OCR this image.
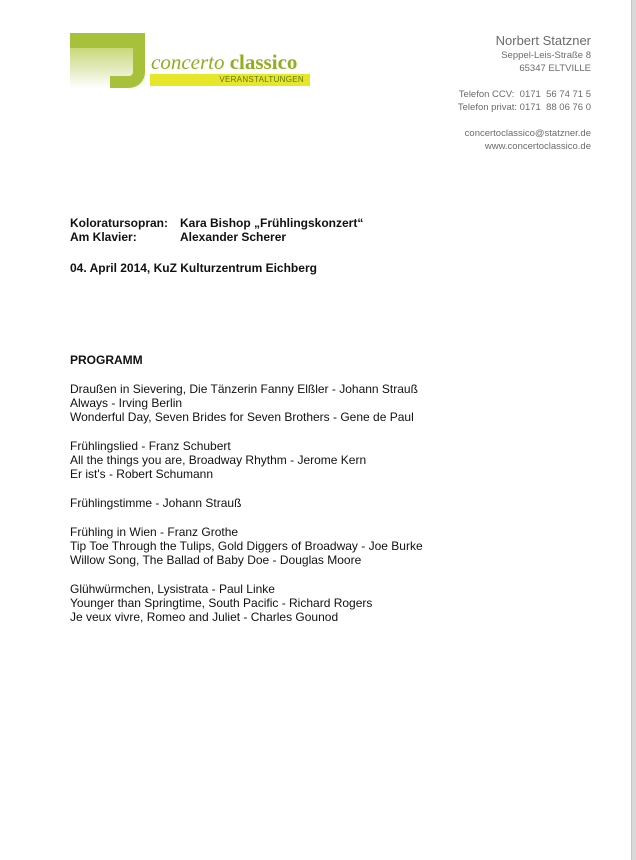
concerto classico
VERANSTALTUNGEN
Norbert Statzner
Seppel-Leis-Straße 8
65347 ELTVILLE
Telefon CCV:  0171  56 74 71 5
Telefon privat: 0171  88 06 76 0
concertoclassico@statzner.de
www.concertoclassico.de
Koloratursopran: Kara Bishop „Frühlingskonzert“
Am Klavier:	Alexander Scherer
04. April 2014, KuZ Kulturzentrum Eichberg
PROGRAMM
Draußen in Sievering, Die Tänzerin Fanny Elßler - Johann Strauß
Always - Irving Berlin
Wonderful Day, Seven Brides for Seven Brothers - Gene de Paul
Frühlingslied - Franz Schubert
All the things you are, Broadway Rhythm - Jerome Kern
Er ist's - Robert Schumann
Frühlingstimme - Johann Strauß
Frühling in Wien - Franz Grothe
Tip Toe Through the Tulips, Gold Diggers of Broadway - Joe Burke
Willow Song, The Ballad of Baby Doe - Douglas Moore
Glühwürmchen, Lysistrata - Paul Linke
Younger than Springtime, South Pacific - Richard Rogers
Je veux vivre, Romeo and Juliet - Charles Gounod
